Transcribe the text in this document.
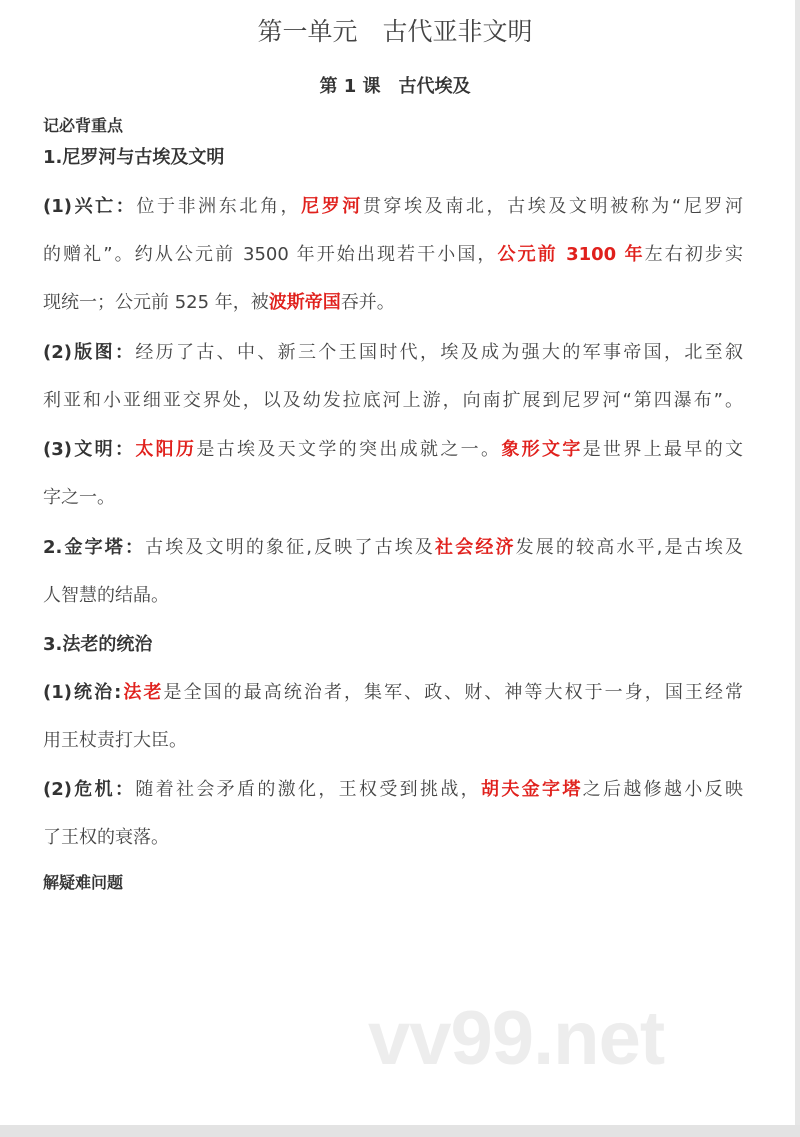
第一单元　古代亚非文明
第 1 课　古代埃及
记必背重点
1.尼罗河与古埃及文明
(1)兴亡：位于非洲东北角，尼罗河贯穿埃及南北，古埃及文明被称为“尼罗河
的赠礼”。约从公元前 3500 年开始出现若干小国，公元前 3100 年左右初步实
现统一；公元前 525 年，被波斯帝国吞并。
(2)版图：经历了古、中、新三个王国时代，埃及成为强大的军事帝国，北至叙
利亚和小亚细亚交界处，以及幼发拉底河上游，向南扩展到尼罗河“第四瀑布”。
(3)文明：太阳历是古埃及天文学的突出成就之一。象形文字是世界上最早的文
字之一。
2.金字塔：古埃及文明的象征,反映了古埃及社会经济发展的较高水平,是古埃及
人智慧的结晶。
3.法老的统治
(1)统治:法老是全国的最高统治者，集军、政、财、神等大权于一身，国王经常
用王杖责打大臣。
(2)危机：随着社会矛盾的激化，王权受到挑战，胡夫金字塔之后越修越小反映
了王权的衰落。
解疑难问题
vv99.net
